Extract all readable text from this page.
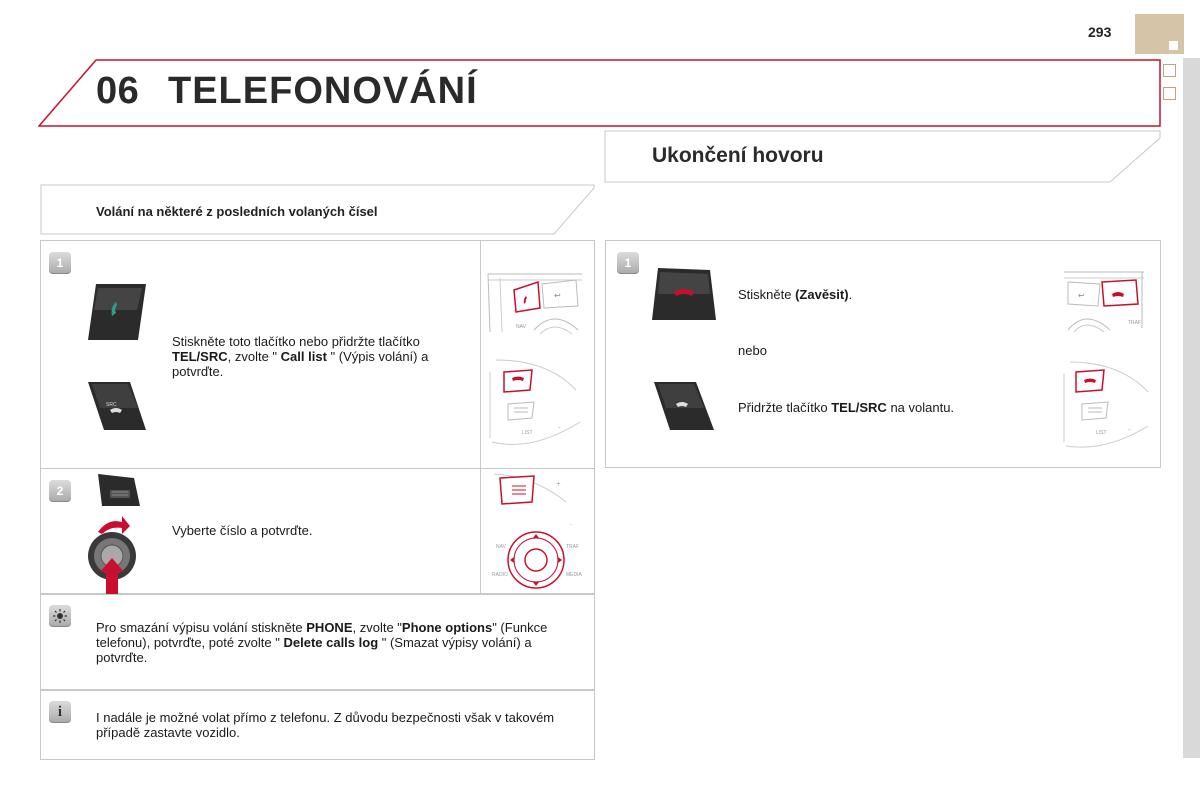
293
06 TELEFONOVÁNÍ
Ukončení hovoru
Volání na některé z posledních volaných čísel
1
Stiskněte toto tlačítko nebo přidržte tlačítko TEL/SRC, zvolte " Call list " (Výpis volání) a potvrďte.
SRC
↩
NAV
LIST
-
2
Vyberte číslo a potvrďte.
+
-
NAV	TRAF
RADIO	MEDIA
Pro smazání výpisu volání stiskněte PHONE, zvolte "Phone options" (Funkce telefonu), potvrďte, poté zvolte " Delete calls log " (Smazat výpisy volání) a potvrďte.
i	I nadále je možné volat přímo z telefonu. Z důvodu bezpečnosti však v takovém případě zastavte vozidlo.
1
Stiskněte (Zavěsit).
nebo
Přidržte tlačítko TEL/SRC na volantu.
↩
TRAF
LIST	-
